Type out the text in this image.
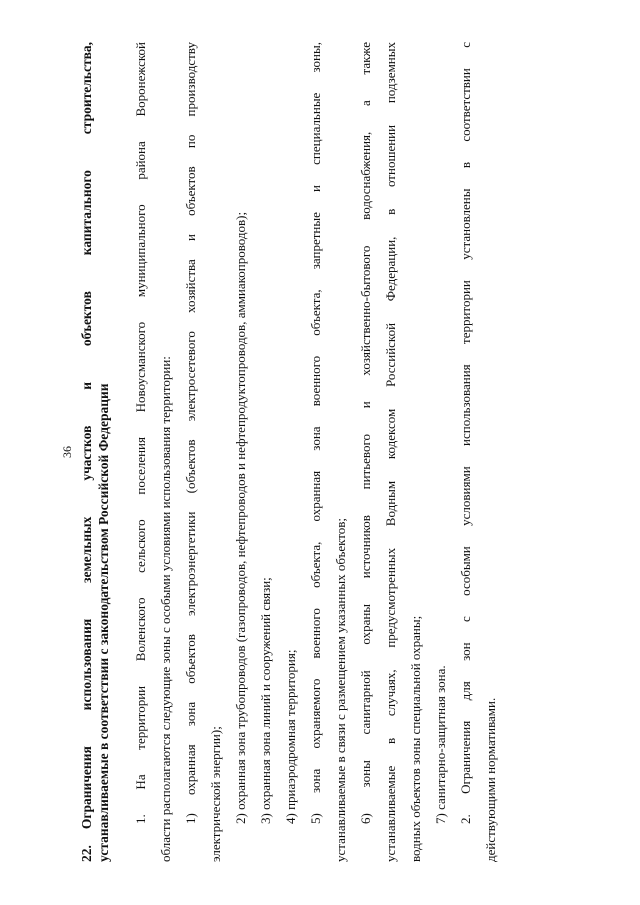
36
22.Ограничения использования земельных участков и объектов капитального строительства, устанавливаемые в соответствии с законодательством Российской Федерации	1. На территории Воленского сельского поселения Новоусманского муниципального района Воронежской области располагаются следующие зоны с особыми условиями использования территории: 1) охранная зона объектов электроэнергетики (объектов электросетевого хозяйства и объектов по производству электрической энергии); 2) охранная зона трубопроводов (газопроводов, нефтепроводов и нефтепродуктопроводов, аммиакопроводов); 3) охранная зона линий и сооружений связи; 4) приаэродромная территория; 5) зона охраняемого военного объекта, охранная зона военного объекта, запретные и специальные зоны, устанавливаемые в связи с размещением указанных объектов; 6) зоны санитарной охраны источников питьевого и хозяйственно-бытового водоснабжения, а также устанавливаемые в случаях, предусмотренных Водным кодексом Российской Федерации, в отношении подземных водных объектов зоны специальной охраны; 7) санитарно-защитная зона. 2. Ограничения для зон с особыми условиями использования территории установлены в соответствии с действующими нормативами.
